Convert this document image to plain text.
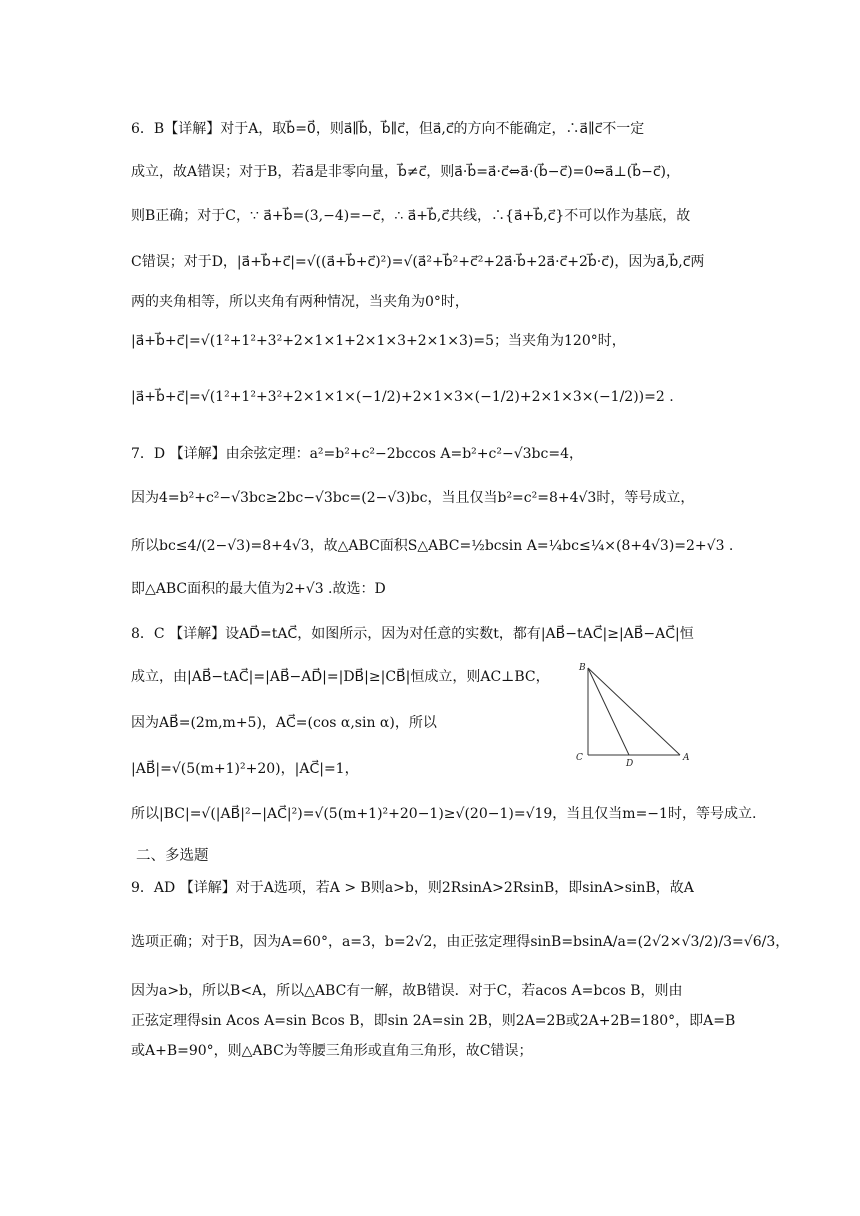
6．B【详解】对于A，取b⃗=0⃗，则a⃗∥b⃗，b⃗∥c⃗，但a⃗,c⃗的方向不能确定，∴a⃗∥c⃗不一定
成立，故A错误；对于B，若a⃗是非零向量，b⃗≠c⃗，则a⃗·b⃗=a⃗·c⃗⇔a⃗·(b⃗−c⃗)=0⇔a⃗⊥(b⃗−c⃗)，
则B正确；对于C，∵ a⃗+b⃗=(3,−4)=−c⃗，∴ a⃗+b⃗,c⃗共线，∴{a⃗+b⃗,c⃗}不可以作为基底，故
C错误；对于D，|a⃗+b⃗+c⃗|=√((a⃗+b⃗+c⃗)²)=√(a⃗²+b⃗²+c⃗²+2a⃗·b⃗+2a⃗·c⃗+2b⃗·c⃗)，因为a⃗,b⃗,c⃗两
两的夹角相等，所以夹角有两种情况，当夹角为0°时，
|a⃗+b⃗+c⃗|=√(1²+1²+3²+2×1×1+2×1×3+2×1×3)=5；当夹角为120°时，
|a⃗+b⃗+c⃗|=√(1²+1²+3²+2×1×1×(−1/2)+2×1×3×(−1/2)+2×1×3×(−1/2))=2 .
7．D 【详解】由余弦定理：a²=b²+c²−2bccos A=b²+c²−√3bc=4，
因为4=b²+c²−√3bc≥2bc−√3bc=(2−√3)bc，当且仅当b²=c²=8+4√3时，等号成立，
所以bc≤4/(2−√3)=8+4√3，故△ABC面积S△ABC=½bcsin A=¼bc≤¼×(8+4√3)=2+√3 .
即△ABC面积的最大值为2+√3 .故选：D
8．C 【详解】设AD⃗=tAC⃗，如图所示，因为对任意的实数t，都有|AB⃗−tAC⃗|≥|AB⃗−AC⃗|恒
成立，由|AB⃗−tAC⃗|=|AB⃗−AD⃗|=|DB⃗|≥|CB⃗|恒成立，则AC⊥BC，
因为AB⃗=(2m,m+5)，AC⃗=(cos α,sin α)，所以
|AB⃗|=√(5(m+1)²+20)，|AC⃗|=1，
所以|BC|=√(|AB⃗|²−|AC⃗|²)=√(5(m+1)²+20−1)≥√(20−1)=√19，当且仅当m=−1时，等号成立.
二、多选题
9．AD 【详解】对于A选项，若A > B则a>b，则2RsinA>2RsinB，即sinA>sinB，故A
选项正确；对于B，因为A=60°，a=3，b=2√2，由正弦定理得sinB=bsinA/a=(2√2×√3/2)/3=√6/3，
因为a>b，所以B<A，所以△ABC有一解，故B错误．对于C，若acos A=bcos B，则由
正弦定理得sin Acos A=sin Bcos B，即sin 2A=sin 2B，则2A=2B或2A+2B=180°，即A=B
或A+B=90°，则△ABC为等腰三角形或直角三角形，故C错误；
B
C
D
A
